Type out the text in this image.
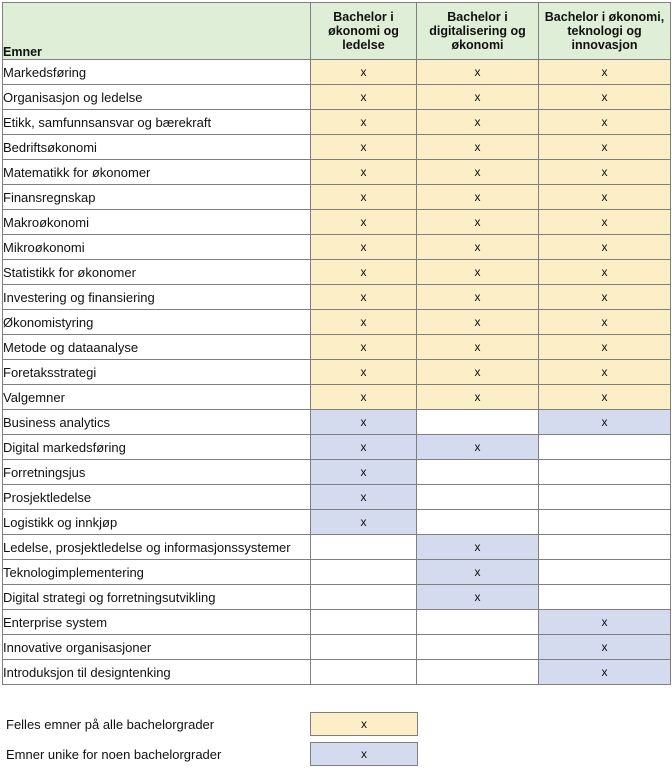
Emner	Bachelor i økonomi og ledelse	Bachelor i digitalisering og økonomi	Bachelor i økonomi, teknologi og innovasjon
Markedsføring	x	x	x
Organisasjon og ledelse	x	x	x
Etikk, samfunnsansvar og bærekraft	x	x	x
Bedriftsøkonomi	x	x	x
Matematikk for økonomer	x	x	x
Finansregnskap	x	x	x
Makroøkonomi	x	x	x
Mikroøkonomi	x	x	x
Statistikk for økonomer	x	x	x
Investering og finansiering	x	x	x
Økonomistyring	x	x	x
Metode og dataanalyse	x	x	x
Foretaksstrategi	x	x	x
Valgemner	x	x	x
Business analytics	x		x
Digital markedsføring	x	x	
Forretningsjus	x		
Prosjektledelse	x		
Logistikk og innkjøp	x		
Ledelse, prosjektledelse og informasjonssystemer		x	
Teknologimplementering		x	
Digital strategi og forretningsutvikling		x	
Enterprise system			x
Innovative organisasjoner			x
Introduksjon til designtenking			x
Felles emner på alle bachelorgrader	x
Emner unike for noen bachelorgrader	x
